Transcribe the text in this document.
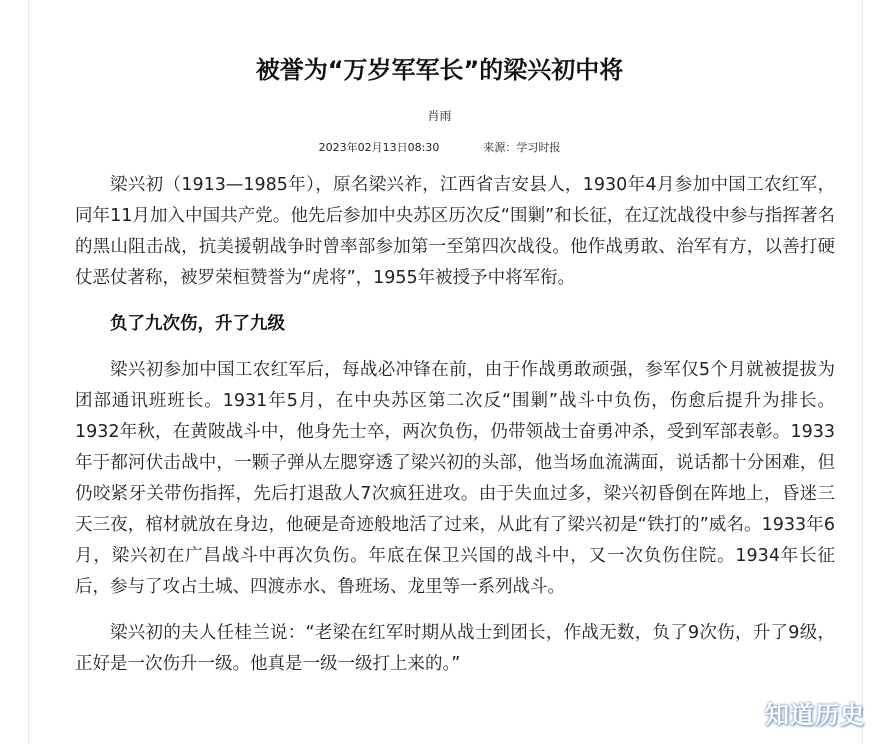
被誉为“万岁军军长”的梁兴初中将
肖雨
2023年02月13日08:30	来源：学习时报

梁兴初（1913—1985年），原名梁兴祚，江西省吉安县人，1930年4月参加中国工农红军，同年11月加入中国共产党。他先后参加中央苏区历次反“围剿”和长征，在辽沈战役中参与指挥著名的黑山阻击战，抗美援朝战争时曾率部参加第一至第四次战役。他作战勇敢、治军有方，以善打硬仗恶仗著称，被罗荣桓赞誉为“虎将”，1955年被授予中将军衔。

负了九次伤，升了九级

梁兴初参加中国工农红军后，每战必冲锋在前，由于作战勇敢顽强，参军仅5个月就被提拔为团部通讯班班长。1931年5月，在中央苏区第二次反“围剿”战斗中负伤，伤愈后提升为排长。1932年秋，在黄陂战斗中，他身先士卒，两次负伤，仍带领战士奋勇冲杀，受到军部表彰。1933年于都河伏击战中，一颗子弹从左腮穿透了梁兴初的头部，他当场血流满面，说话都十分困难，但仍咬紧牙关带伤指挥，先后打退敌人7次疯狂进攻。由于失血过多，梁兴初昏倒在阵地上，昏迷三天三夜，棺材就放在身边，他硬是奇迹般地活了过来，从此有了梁兴初是“铁打的”威名。1933年6月，梁兴初在广昌战斗中再次负伤。年底在保卫兴国的战斗中，又一次负伤住院。1934年长征后，参与了攻占土城、四渡赤水、鲁班场、龙里等一系列战斗。

梁兴初的夫人任桂兰说：“老梁在红军时期从战士到团长，作战无数，负了9次伤，升了9级，正好是一次伤升一级。他真是一级一级打上来的。”

知道历史
